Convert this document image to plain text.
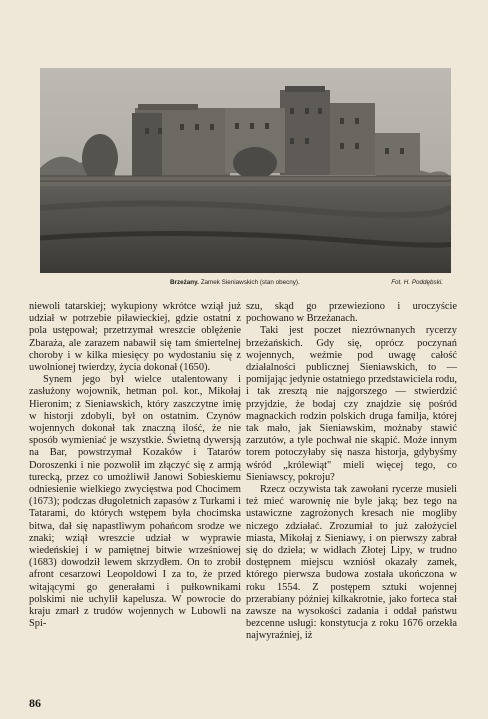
Brzeżany. Zamek Sieniawskich (stan obecny).	Fot. H. Poddębski.

niewoli tatarskiej; wykupiony wkrótce wziął już udział w potrzebie piławieckiej, gdzie ostatni z pola ustępował; przetrzymał wreszcie oblężenie Zbaraża, ale zarazem nabawił się tam śmiertelnej choroby i w kilka miesięcy po wydostaniu się z uwolnionej twierdzy, życia dokonał (1650).

Synem jego był wielce utalentowany i zasłużony wojownik, hetman pol. kor., Mikołaj Hieronim; z Sieniawskich, który zaszczytne imię w historji zdobyli, był on ostatnim. Czynów wojennych dokonał tak znaczną ilość, że nie sposób wymieniać je wszystkie. Świetną dywersją na Bar, powstrzymał Kozaków i Tatarów Doroszenki i nie pozwolił im złączyć się z armją turecką, przez co umożliwił Janowi Sobieskiemu odniesienie wielkiego zwycięstwa pod Chocimem (1673); podczas długoletnich zapasów z Turkami i Tatarami, do których wstępem była chocimska bitwa, dał się napastliwym pohańcom srodze we znaki; wziął wreszcie udział w wyprawie wiedeńskiej i w pamiętnej bitwie wrześniowej (1683) dowodził lewem skrzydłem. On to zrobił afront cesarzowi Leopoldowi I za to, że przed witającymi go generałami i pułkownikami polskimi nie uchylił kapelusza. W powrocie do kraju zmarł z trudów wojennych w Lubowli na Spi-

szu, skąd go przewieziono i uroczyście pochowano w Brzeżanach.

Taki jest poczet niezrównanych rycerzy brzeżańskich. Gdy się, oprócz poczynań wojennych, weźmie pod uwagę całość działalności publicznej Sieniawskich, to — pomijając jedynie ostatniego przedstawiciela rodu, i tak zresztą nie najgorszego — stwierdzić przyjdzie, że bodaj czy znajdzie się pośród magnackich rodzin polskich druga familja, której tak mało, jak Sieniawskim, możnaby stawić zarzutów, a tyle pochwał nie skąpić. Może innym torem potoczyłaby się nasza historja, gdybyśmy wśród „królewiąt" mieli więcej tego, co Sieniawscy, pokroju?

Rzecz oczywista tak zawołani rycerze musieli też mieć warownię nie byle jaką; bez tego na ustawiczne zagrożonych kresach nie mogliby niczego zdziałać. Zrozumiał to już założyciel miasta, Mikołaj z Sieniawy, i on pierwszy zabrał się do dzieła; w widłach Złotej Lipy, w trudno dostępnem miejscu wzniósł okazały zamek, którego pierwsza budowa została ukończona w roku 1554. Z postępem sztuki wojennej przerabiany później kilkakrotnie, jako forteca stał zawsze na wysokości zadania i oddał państwu bezcenne usługi: konstytucja z roku 1676 orzekła najwyraźniej, iż

86
